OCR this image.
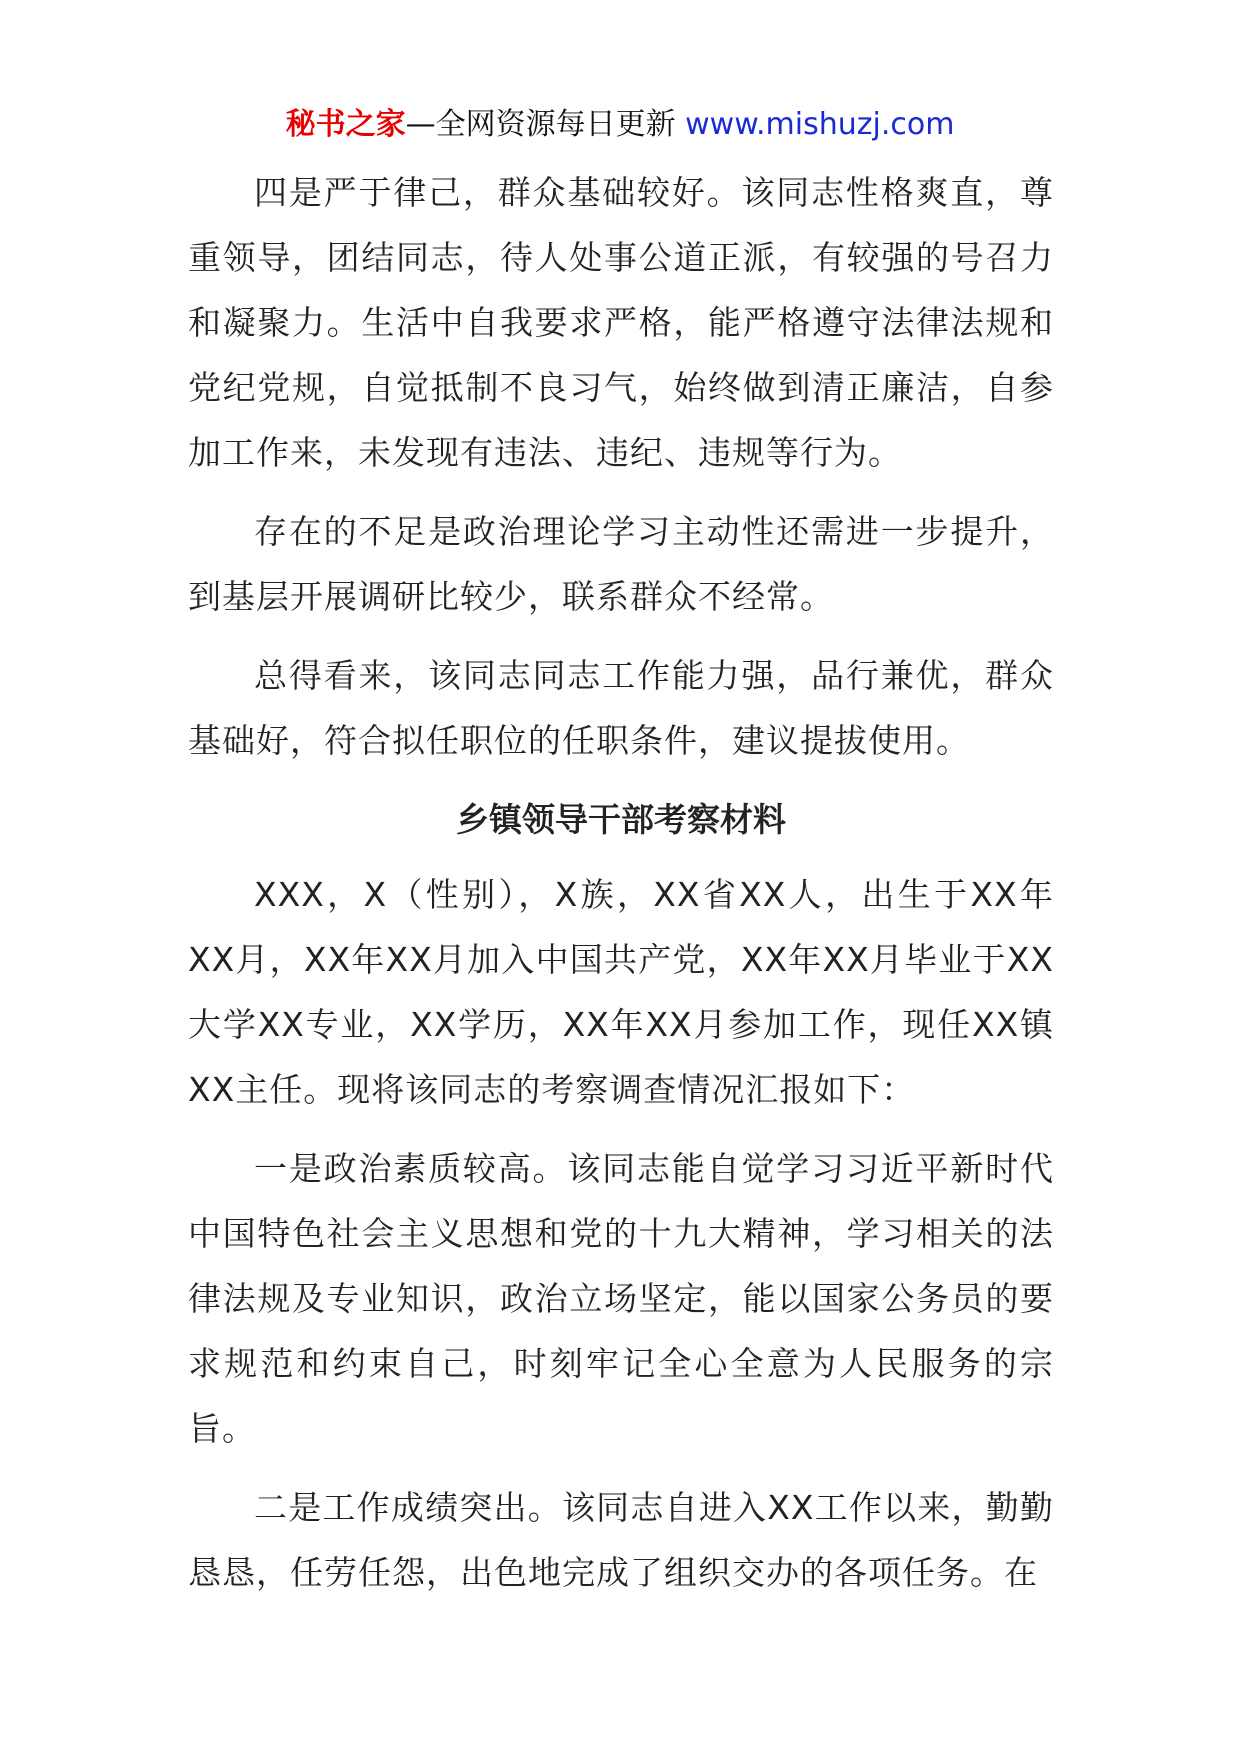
秘书之家—全网资源每日更新 www.mishuzj.com

四是严于律己，群众基础较好。该同志性格爽直，尊重领导，团结同志，待人处事公道正派，有较强的号召力和凝聚力。生活中自我要求严格，能严格遵守法律法规和党纪党规，自觉抵制不良习气，始终做到清正廉洁，自参加工作来，未发现有违法、违纪、违规等行为。

存在的不足是政治理论学习主动性还需进一步提升，到基层开展调研比较少，联系群众不经常。

总得看来，该同志同志工作能力强，品行兼优，群众基础好，符合拟任职位的任职条件，建议提拔使用。

乡镇领导干部考察材料

XXX，X（性别），X族，XX省XX人，出生于XX年XX月，XX年XX月加入中国共产党，XX年XX月毕业于XX大学XX专业，XX学历，XX年XX月参加工作，现任XX镇XX主任。现将该同志的考察调查情况汇报如下：

一是政治素质较高。该同志能自觉学习习近平新时代中国特色社会主义思想和党的十九大精神，学习相关的法律法规及专业知识，政治立场坚定，能以国家公务员的要求规范和约束自己，时刻牢记全心全意为人民服务的宗旨。

二是工作成绩突出。该同志自进入XX工作以来，勤勤恳恳，任劳任怨，出色地完成了组织交办的各项任务。在
